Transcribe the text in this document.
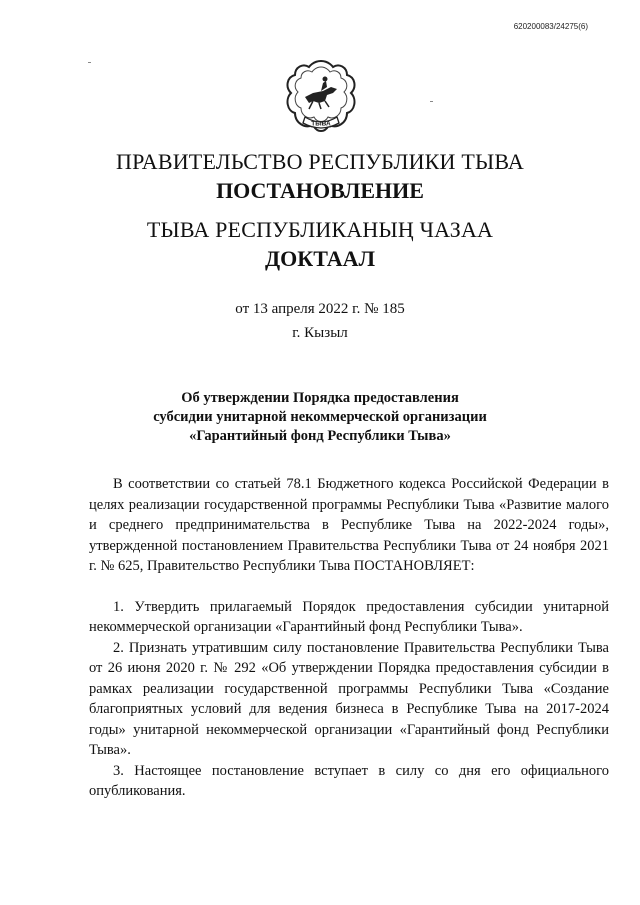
620200083/24275(6)
ТЫВА
ПРАВИТЕЛЬСТВО РЕСПУБЛИКИ ТЫВА
ПОСТАНОВЛЕНИЕ
ТЫВА РЕСПУБЛИКАНЫҢ ЧАЗАА
ДОКТААЛ
от 13 апреля 2022 г. № 185
г. Кызыл
Об утверждении Порядка предоставления
субсидии унитарной некоммерческой организации
«Гарантийный фонд Республики Тыва»

В соответствии со статьей 78.1 Бюджетного кодекса Российской Федерации в целях реализации государственной программы Республики Тыва «Развитие малого и среднего предпринимательства в Республике Тыва на 2022-2024 годы», утвержденной постановлением Правительства Республики Тыва от 24 ноября 2021 г. № 625, Правительство Республики Тыва ПОСТАНОВЛЯЕТ:

1. Утвердить прилагаемый Порядок предоставления субсидии унитарной некоммерческой организации «Гарантийный фонд Республики Тыва».

2. Признать утратившим силу постановление Правительства Республики Тыва от 26 июня 2020 г. № 292 «Об утверждении Порядка предоставления субсидии в рамках реализации государственной программы Республики Тыва «Создание благоприятных условий для ведения бизнеса в Республике Тыва на 2017-2024 годы» унитарной некоммерческой организации «Гарантийный фонд Республики Тыва».

3. Настоящее постановление вступает в силу со дня его официального опубликования.
